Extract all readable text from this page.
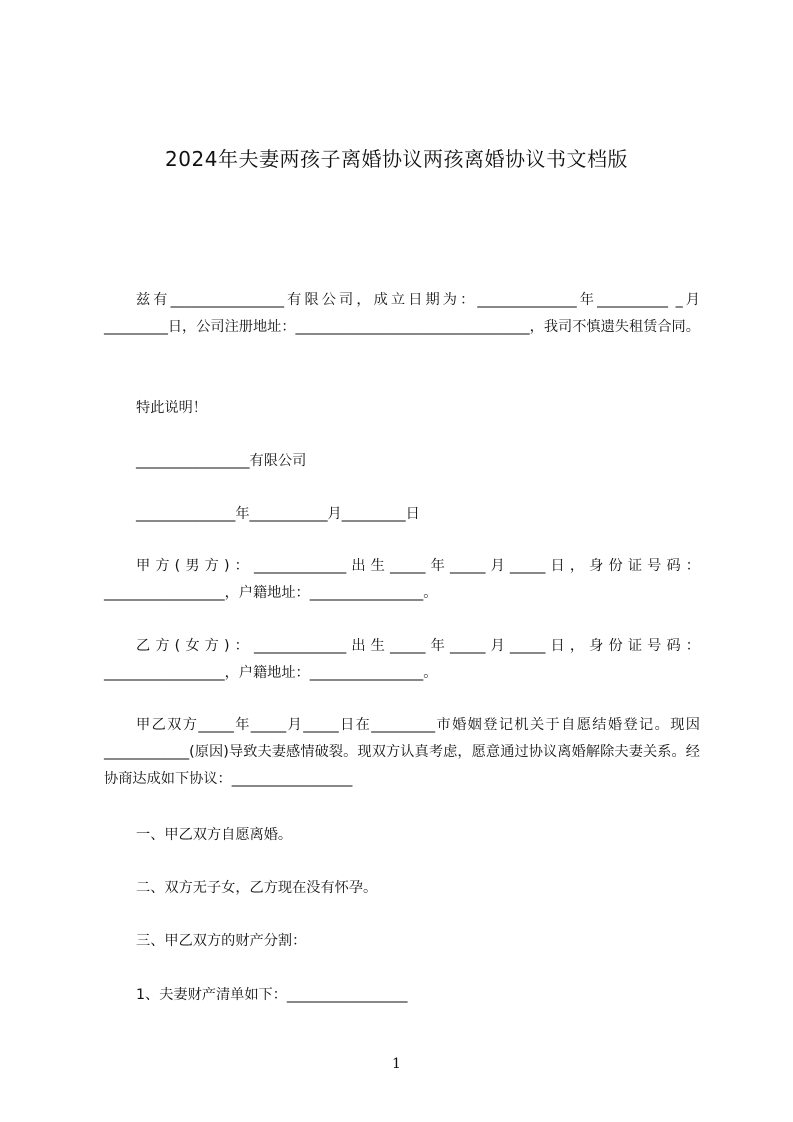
2024年夫妻两孩子离婚协议两孩离婚协议书文档版

兹有________________有限公司，成立日期为：______________年__________ _月_________日，公司注册地址：_________________________________，我司不慎遗失租赁合同。

特此说明！

________________有限公司

______________年___________月_________日

甲方(男方)：_____________出生_____年_____月_____日，身份证号码：_________________，户籍地址：________________。

乙方(女方)：_____________出生_____年_____月_____日，身份证号码：_________________，户籍地址：________________。

甲乙双方_____年_____月_____日在_________市婚姻登记机关于自愿结婚登记。现因____________(原因)导致夫妻感情破裂。现双方认真考虑，愿意通过协议离婚解除夫妻关系。经协商达成如下协议：_________________

一、甲乙双方自愿离婚。

二、双方无子女，乙方现在没有怀孕。

三、甲乙双方的财产分割：

1、夫妻财产清单如下：_________________

1
